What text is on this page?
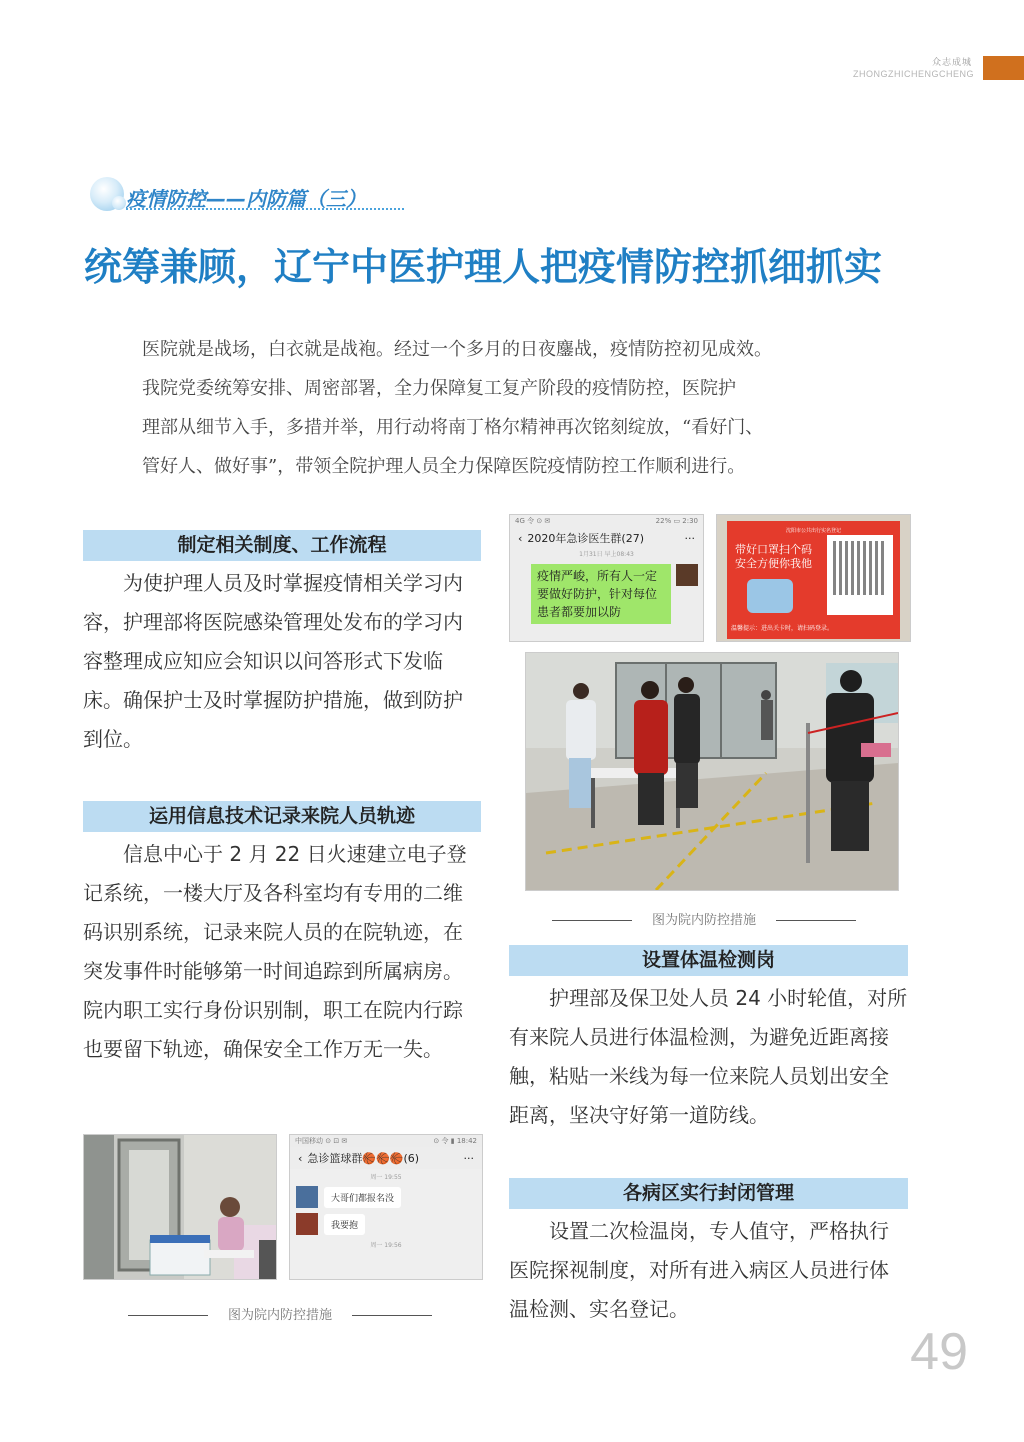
众志成城
ZHONGZHICHENGCHENG
疫情防控——内防篇（三）
统筹兼顾，辽宁中医护理人把疫情防控抓细抓实

医院就是战场，白衣就是战袍。经过一个多月的日夜鏖战，疫情防控初见成效。

我院党委统筹安排、周密部署，全力保障复工复产阶段的疫情防控，医院护

理部从细节入手，多措并举，用行动将南丁格尔精神再次铭刻绽放，“看好门、

管好人、做好事”，带领全院护理人员全力保障医院疫情防控工作顺利进行。

制定相关制度、工作流程

为使护理人员及时掌握疫情相关学习内容，护理部将医院感染管理处发布的学习内容整理成应知应会知识以问答形式下发临床。确保护士及时掌握防护措施，做到防护到位。

运用信息技术记录来院人员轨迹

信息中心于 2 月 22 日火速建立电子登记系统，一楼大厅及各科室均有专用的二维码识别系统，记录来院人员的在院轨迹，在突发事件时能够第一时间追踪到所属病房。院内职工实行身份识别制，职工在院内行踪也要留下轨迹，确保安全工作万无一失。

中国移动 ⊙ ⊡ ✉	⊙ 令 ▮ 18:42
‹ 急诊篮球群🏀🏀🏀(6)	···
周一 19:55
大哥们都报名没
我要抱
周一 19:56
图为院内防控措施
4G 令 ⊙ ✉	22% ▭ 2:30
‹ 2020年急诊医生群(27)	···
1月31日 早上08:43
疫情严峻，所有人一定要做好防护，针对每位患者都要加以防
沈阳市公共出行实名登记
带好口罩扫个码
安全方便你我他
温馨提示：进出关卡时，请扫码登录。
图为院内防控措施
设置体温检测岗

护理部及保卫处人员 24 小时轮值，对所有来院人员进行体温检测，为避免近距离接触，粘贴一米线为每一位来院人员划出安全距离，坚决守好第一道防线。

各病区实行封闭管理

设置二次检温岗，专人值守，严格执行医院探视制度，对所有进入病区人员进行体温检测、实名登记。

49
